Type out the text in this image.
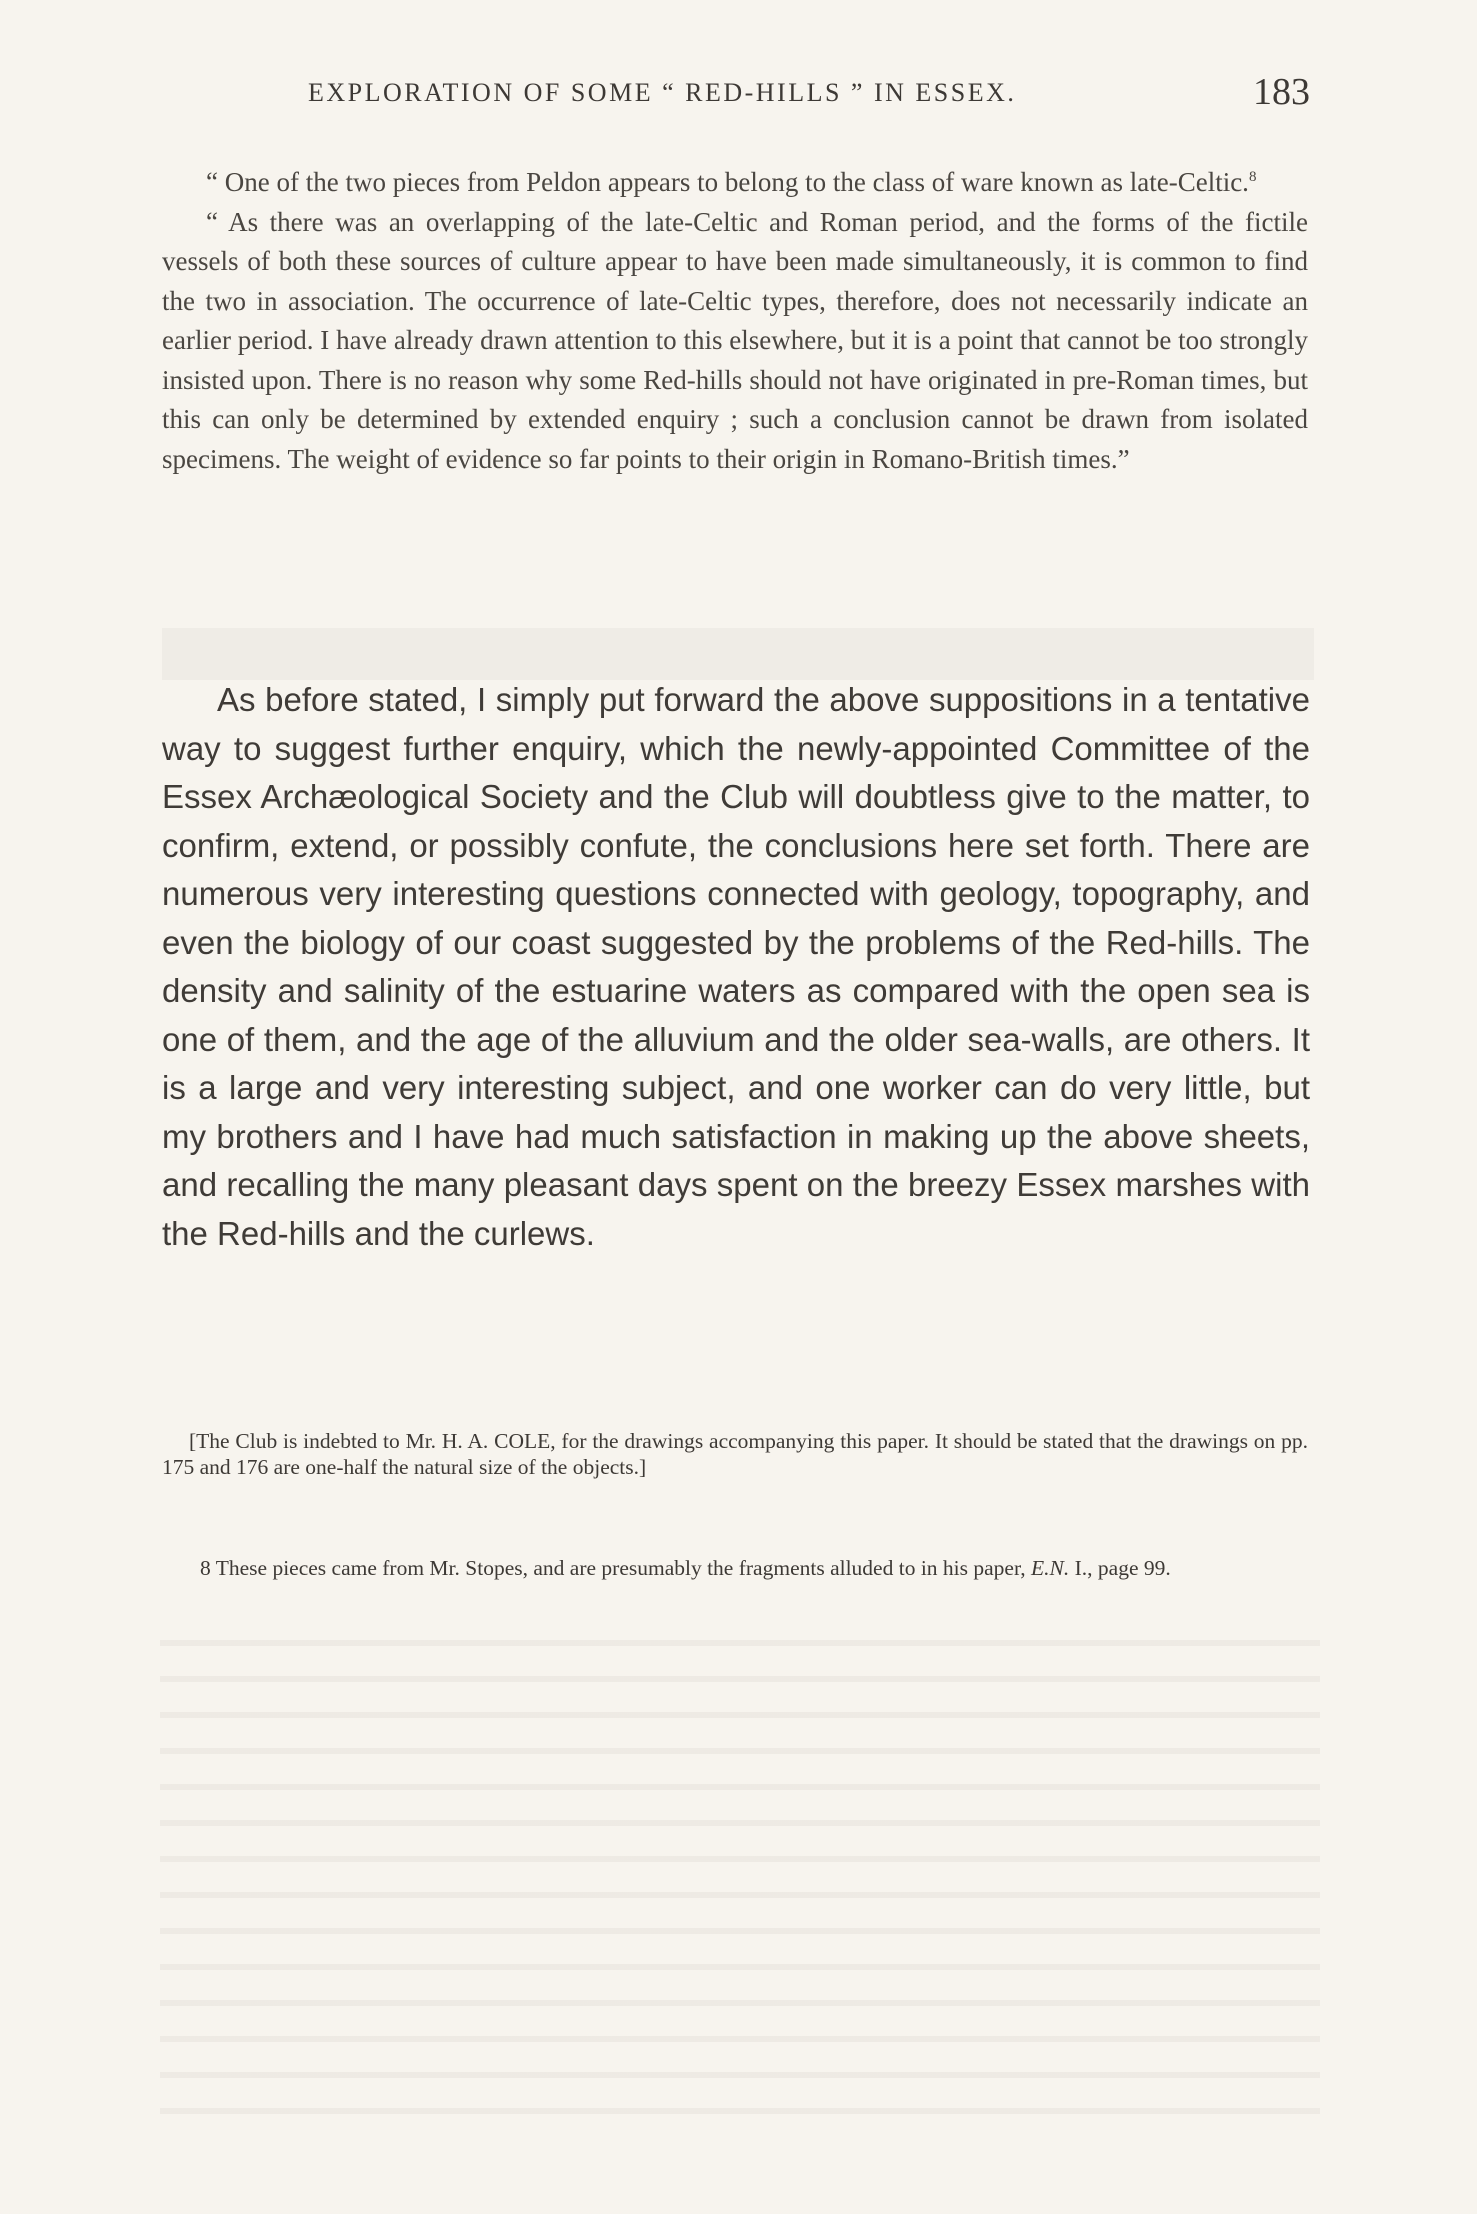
EXPLORATION OF SOME “ RED-HILLS ” IN ESSEX.	183

“ One of the two pieces from Peldon appears to belong to the class of ware known as late-Celtic.$^8$

“ As there was an overlapping of the late-Celtic and Roman period, and the forms of the fictile vessels of both these sources of culture appear to have been made simultaneously, it is common to find the two in association. The occurrence of late-Celtic types, therefore, does not necessarily indicate an earlier period. I have already drawn attention to this elsewhere, but it is a point that cannot be too strongly insisted upon. There is no reason why some Red-hills should not have originated in pre-Roman times, but this can only be determined by extended enquiry ; such a conclusion cannot be drawn from isolated specimens. The weight of evidence so far points to their origin in Romano-British times.”

As before stated, I simply put forward the above suppositions in a tentative way to suggest further enquiry, which the newly-appointed Committee of the Essex Archæological Society and the Club will doubtless give to the matter, to confirm, extend, or possibly confute, the conclusions here set forth. There are numerous very interesting questions connected with geology, topography, and even the biology of our coast suggested by the problems of the Red-hills. The density and salinity of the estuarine waters as compared with the open sea is one of them, and the age of the alluvium and the older sea-walls, are others. It is a large and very interesting subject, and one worker can do very little, but my brothers and I have had much satisfaction in making up the above sheets, and recalling the many pleasant days spent on the breezy Essex marshes with the Red-hills and the curlews.

[The Club is indebted to Mr. H. A. COLE, for the drawings accompanying this paper. It should be stated that the drawings on pp. 175 and 176 are one-half the natural size of the objects.]

8 These pieces came from Mr. Stopes, and are presumably the fragments alluded to in his paper, E.N. I., page 99.
